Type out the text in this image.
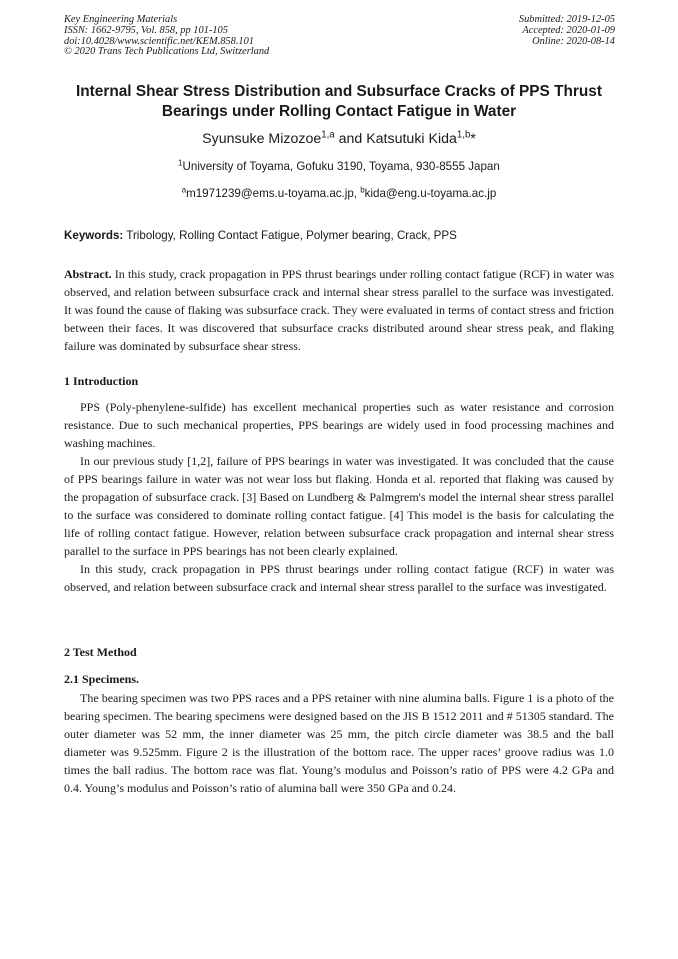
Key Engineering Materials
ISSN: 1662-9795, Vol. 858, pp 101-105
doi:10.4028/www.scientific.net/KEM.858.101
© 2020 Trans Tech Publications Ltd, Switzerland
Submitted: 2019-12-05
Accepted: 2020-01-09
Online: 2020-08-14
Internal Shear Stress Distribution and Subsurface Cracks of PPS Thrust
Bearings under Rolling Contact Fatigue in Water
Syunsuke Mizozoe$^{1,a}$ and Katsutuki Kida$^{1,b}$*
$^1$University of Toyama, Gofuku 3190, Toyama, 930-8555 Japan
$^a$m1971239@ems.u-toyama.ac.jp, $^b$kida@eng.u-toyama.ac.jp
Keywords: Tribology, Rolling Contact Fatigue, Polymer bearing, Crack, PPS
Abstract. In this study, crack propagation in PPS thrust bearings under rolling contact fatigue (RCF) in water was observed, and relation between subsurface crack and internal shear stress parallel to the surface was investigated. It was found the cause of flaking was subsurface crack. They were evaluated in terms of contact stress and friction between their faces. It was discovered that subsurface cracks distributed around shear stress peak, and flaking failure was dominated by subsurface shear stress.
1 Introduction

PPS (Poly-phenylene-sulfide) has excellent mechanical properties such as water resistance and corrosion resistance. Due to such mechanical properties, PPS bearings are widely used in food processing machines and washing machines.

In our previous study [1,2], failure of PPS bearings in water was investigated. It was concluded that the cause of PPS bearings failure in water was not wear loss but flaking. Honda et al. reported that flaking was caused by the propagation of subsurface crack. [3] Based on Lundberg & Palmgrem's model the internal shear stress parallel to the surface was considered to dominate rolling contact fatigue. [4] This model is the basis for calculating the life of rolling contact fatigue. However, relation between subsurface crack propagation and internal shear stress parallel to the surface in PPS bearings has not been clearly explained.

In this study, crack propagation in PPS thrust bearings under rolling contact fatigue (RCF) in water was observed, and relation between subsurface crack and internal shear stress parallel to the surface was investigated.

2 Test Method
2.1 Specimens.

The bearing specimen was two PPS races and a PPS retainer with nine alumina balls. Figure 1 is a photo of the bearing specimen. The bearing specimens were designed based on the JIS B 1512 2011 and # 51305 standard. The outer diameter was 52 mm, the inner diameter was 25 mm, the pitch circle diameter was 38.5 and the ball diameter was 9.525mm. Figure 2 is the illustration of the bottom race. The upper races’ groove radius was 1.0 times the ball radius. The bottom race was flat. Young’s modulus and Poisson’s ratio of PPS were 4.2 GPa and 0.4. Young’s modulus and Poisson’s ratio of alumina ball were 350 GPa and 0.24.
